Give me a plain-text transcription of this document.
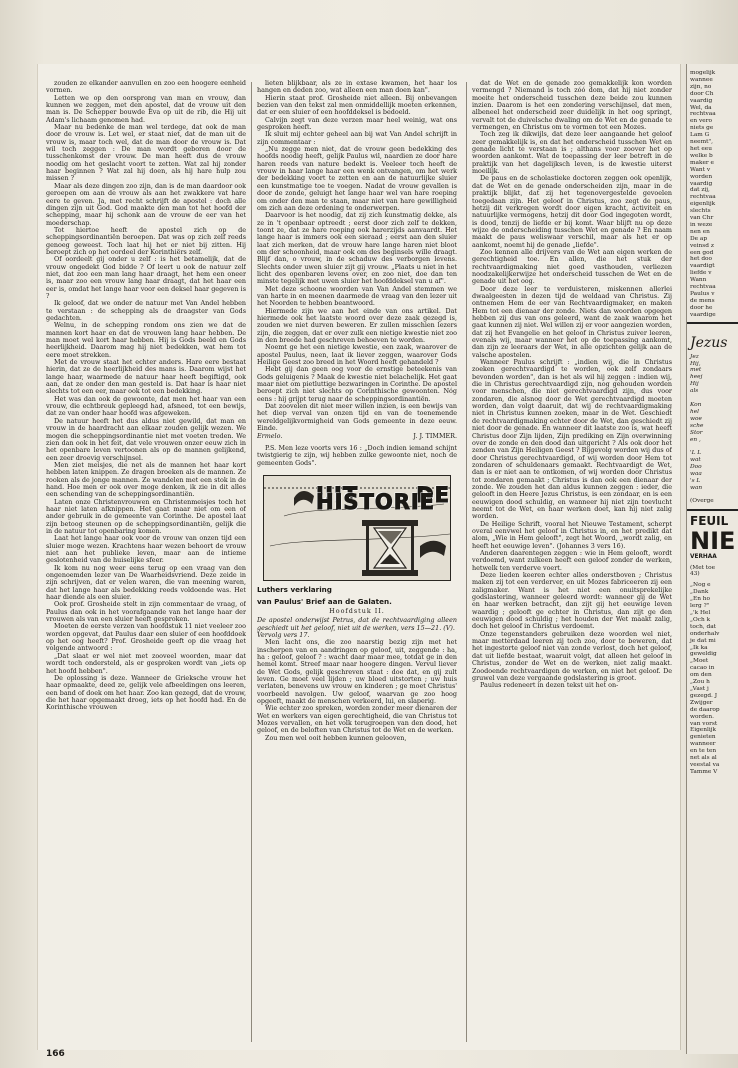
zouden ze elkander aanvullen en zoo een hoogere eenheid vormen.

Letten we op den oorsprong van man en vrouw, dan kunnen we zeggen, met den apostel, dat de vrouw uit den man is. De Schepper bouwde Eva op uit de rib, die Hij uit Adam's lichaam genomen had.

Maar nu bedenke de man wel terdege, dat ook de man door de vrouw is. Let wel, er staat niet, dat de man uit de vrouw is, maar toch wel, dat de man door de vrouw is. Dat wil toch zeggen : De man wordt geboren door de tusschenkomst der vrouw. De man heeft dus de vrouw noodig om het geslacht voort te zetten. Wat zal hij zonder haar beginnen ? Wat zal hij doen, als hij hare hulp zou missen ?

Maar als deze dingen zoo zijn, dan is de man daardoor ook geroepen om aan de vrouw als aan het zwakkere vat hare eere te geven. Ja, met recht schrijft de apostel : doch alle dingen zijn uit God. God maakte den man tot het hoofd der schepping, maar hij schonk aan de vrouw de eer van het moederschap.

Tot hiertoe heeft de apostel zich op de scheppingsordinantiën beroepen. Dat was op zich zelf reeds genoeg geweest. Toch laat hij het er niet bij zitten. Hij beroept zich op het oordeel der Korinthiërs zelf.

Of oordeelt gij onder u zelf : is het betamelijk, dat de vrouw ongedekt God bidde ? Of leert u ook de natuur zelf niet, dat zoo een man lang haar draagt, het hem een oneer is, maar zoo een vrouw lang haar draagt, dat het haar een eer is, omdat het lange haar voor een deksel haar gegeven is ?

Ik geloof, dat we onder de natuur met Van Andel hebben te verstaan : de schepping als de draagster van Gods gedachten.

Welnu, in de schepping rondom ons zien we dat de mannen kort haar en dat de vrouwen lang haar hebben. De man moet wel kort haar hebben. Hij is Gods beeld en Gods heerlijkheid. Daarom mag hij niet bedekken, wat hem tot eere moet strekken.

Met de vrouw staat het echter anders. Hare eere bestaat hierin, dat ze de heerlijkheid des mans is. Daarom wijst het lange haar, waarmede de natuur haar heeft begiftigd, ook aan, dat ze onder den man gesteld is. Dat haar is haar niet slechts tot een eer, maar ook tot een bedekking.

Het was dan ook de gewoonte, dat men het haar van een vrouw, die echtbreuk gepleegd had, afsneed, tot een bewijs, dat ze van onder haar hoofd was afgeweken.

De natuur heeft het dus aldus niet gewild, dat man en vrouw in de haardracht aan elkaar zouden gelijk wezen. We mogen die scheppingsordinantie niet met voeten treden. We zien dan ook in het feit, dat vele vrouwen onzer eeuw zich in het openbare leven vertoonen als op de mannen gelijkend, een zeer droevig verschijnsel.

Men ziet meisjes, die net als de mannen het haar kort hebben laten knippen. Ze dragen broeken als de mannen. Ze rooken als de jonge mannen. Ze wandelen met een stok in de hand. Hoe men er ook over moge denken, ik zie in dit alles een schending van de scheppingsordinantiën.

Laten onze Christenvrouwen en Christenmeisjes toch het haar niet laten afknippen. Het gaat maar niet om een of ander gebruik in de gemeente van Corinthe. De apostel laat zijn betoog steunen op de scheppingsordinantiën, gelijk die in de natuur tot openbaring komen.

Laat het lange haar ook voor de vrouw van onzen tijd een sluier moge wezen. Krachtens haar wezen behoort de vrouw niet aan het publieke leven, maar aan de intieme geslotenheid van de huiselijke sfeer.

Ik kom nu nog weer eens terug op een vraag van den ongenoemden lezer van De Waarheidsvriend. Deze zeide in zijn schrijven, dat er velen waren, die van meening waren, dat het lange haar als bedekking reeds voldoende was. Het haar diende als een sluier.

Ook prof. Grosheide stelt in zijn commentaar de vraag, of Paulus dan ook in het voorafgaande van het lange haar der vrouwen als van een sluier heeft gesproken.

Moeten de eerste verzen van hoofdstuk 11 niet veeleer zoo worden opgevat, dat Paulus daar een sluier of een hoofddoek op het oog heeft? Prof. Grosheide geeft op die vraag het volgende antwoord :

„Dat slaat er wel niet met zooveel woorden, maar dat wordt toch ondersteld, als er gesproken wordt van „iets op het hoofd hebben".

De oplossing is deze. Wanneer de Grieksche vrouw het haar opmaakte, deed ze, gelijk vele afbeeldingen ons leeren, een band of doek om het haar. Zoo kan gezegd, dat de vrouw, die het haar opgemaakt droeg, iets op het hoofd had. En de Korinthische vrouwen

lieten blijkbaar, als ze in extase kwamen, het haar los hangen en deden zoo, wat alleen een man doen kan".

Hierin staat prof. Grosheide niet alleen. Bij onbevangen bezien van den tekst zal men onmiddellijk moeten erkennen, dat er een sluier of een hoofddeksel is bedoeld.

Calvijn zegt van deze verzen maar heel weinig, wat ons gesproken heeft.

Ik sluit mij echter geheel aan bij wat Van Andel schrijft in zijn commentaar :

„Nu zegge men niet, dat de vrouw geen bedekking des hoofds noodig heeft, gelijk Paulus wil, naardien ze door hare haren reeds van nature bedekt is. Veeleer toch heeft de vrouw in haar lange haar een wenk ontvangen, om het werk der bedekking voort te zetten en aan de natuurlijke sluier een kunstmatige toe te voegen. Nadat de vrouw gevallen is door de zonde, geluigt het lange haar wel van hare roeping om onder den man te staan, maar niet van hare gewilligheid om zich aan deze ordening te onderwerpen.

Daarvoor is het noodig, dat zij zich kunstmatig dekke, als ze in 't openbaar optreedt ; eerst door zich zelf te dekken, toont ze, dat ze hare roeping ook harerzijds aanvaardt. Het lange haar is immers ook een sieraad ; eerst aan den sluier laat zich merken, dat de vrouw hare lange haren niet bloot om der schoonheid, maar ook om des beginsels wille draagt. Blijf dan, o vrouw, in de schaduw des verborgen levens. Slechts onder uwen sluier zijt gij vrouw. „Plaats u niet in het licht des openbaren levens over, en zoo niet, doe dan ten minste tegelijk met uwen sluier het hoofddeksel van u af".

Met deze schoone woorden van Van Andel stemmen we van harte in en meenen daarmede de vraag van den lezer uit het Noorden te hebben beantwoord.

Hiermede zijn we aan het einde van ons artikel. Dat hiermede ook het laatste woord over deze zaak gezegd is, zouden we niet durven beweren. Er zullen misschien lezers zijn, die zeggen, dat er over zulk een nietige kwestie niet zoo in den breede had geschreven behoeven te worden.

Noemt ge het een nietige kwestie, een zaak, waarover de apostel Paulus, neen, laat ik liever zeggen, waarover Gods Heilige Geest zoo breed in het Woord heeft gehandeld ?

Hebt gij dan geen oog voor de ernstige beteekenis van Gods geluigenis ? Maak de kwestie niet belachelijk. Het gaat maar niet om pietluttige bezwaringen in Corinthe. De apostel beroept zich niet slechts op Corinthische gewoonten. Nóg eens : hij grijpt terug naar de scheppingsordinantiën.

Dat zoovelen dit niet meer willen inzien, is een bewijs van het diep verval van onzen tijd en van de toenemende wereldgelijkvormigheid van Gods gemeente in deze eeuw. Einde.

Ermelo.	J. J. TIMMER.

P.S. Men leze voorts vers 16 : „Doch indien iemand schijnt twistgierig te zijn, wij hebben zulke gewoonte niet, noch de gemeenten Gods".

UIT DE HISTORIE
Luthers verklaring
van Paulus' Brief aan de Galaten.
Hoofdstuk II.

De apostel onderwijst Petrus, dat de rechtvaardiging alleen geschiedt uit het geloof, niet uit de werken, vers 15—21. (V).

Vervolg vers 17.

Men lacht ons, die zoo naarstig bezig zijn met het inscherpen van en aandringen op geloof, uit, zeggende : ha, ha : geloof, geloof ? : wacht daar maar mee, totdat ge in den hemel komt. Streef maar naar hoogere dingen. Vervul liever de Wet Gods, gelijk geschreven staat : doe dat, en gij zult leven. Ge moet veel lijden ; uw bloed uitstorten ; uw huis verlaten, benevens uw vrouw en kinderen ; ge moet Christus' voorbeeld navolgen. Uw geloof, waarvan ge zoo hoog opgeeft, maakt de menschen verkeerd, lui, en slaperig.

Wie echter zoo spreken, worden zonder meer dienaren der Wet en werkers van eigen gerechtigheid, die van Christus tot Mozes vervallen, en het volk terugroepen van den dood, het geloof, en de beloften van Christus tot de Wet en de werken.

Zou men wel ooit hebben kunnen gelooven,

dat de Wet en de genade zoo gemakkelijk kon worden vermengd ? Niemand is toch zóó dom, dat hij niet zonder moeite het onderscheid tusschen deze beide zou kunnen inzien. Daarom is het een zondering verschijnsel, dat men, albeneel het onderscheid zeer duidelijk in het oog springt, vervalt tot de duivelsche dwaling om de Wet en de genade te vermengen, en Christus om te vormen tot een Mozes.

Toch zeg ik dikwijls, dat deze leer aangaande het geloof zeer gemakkelijk is, en dat het onderscheid tusschen Wet en genade licht te verstaan is ; althans voor zoover het op woorden aankomt. Wat de toepassing der leer betreft in de praktijk van het dagelijksch leven, is de kwestie uiterst moeilijk.

De paus en de scholastieke doctoren zeggen ook openlijk, dat de Wet en de genade onderscheiden zijn, maar in de praktijk blijkt, dat zij het tegenovergestelde gevoelen toegedaan zijn. Het geloof in Christus, zoo zegt de paus, hetzij dit verkregen wordt door eigen kracht, activiteit en natuurlijke vermogens, hetzij dit door God ingegoten wordt, is dood, tenzij de liefde er bij komt. Waar blijft nu op deze wijze de onderscheiding tusschen Wet en genade ? En naam maakt de paus weliswaar verschil, maar als het er op aankomt, noemt hij de genade „liefde".

Zoo kennen alle drijvers van de Wet aan eigen werken de gerechtigheid toe. En allen, die het stuk der rechtvaardigmaking niet goed vasthouden, verliezen noodzakelijkerwijze het onderscheid tusschen de Wet en de genade uit het oog.

Door deze leer te verduisteren, miskennen allerlei dwaalgeesten in dezen tijd de weldaad van Christus. Zij ontnemen Hem de eer van Rechtvaardigmaker, en maken Hem tot een dienaar der zonde. Niets dan woorden opgegen hebben zij dus van ons geleerd, want de zaak waarom het gaat kunnen zij niet. Wel willen zij er voor aangezien worden, dat zij het Evangelie en het geloof in Christus zuiver leeren, evenals wij, maar wanneer het op de toepassing aankomt, dan zijn ze leeraars der Wet, in alle opzichten gelijk aan de valsche apostelen.

Wanneer Paulus schrijft : „indien wij, die in Christus zoeken gerechtvaardigd te worden, ook zelf zondaars bevonden worden", dan is het als wil hij zeggen : indien wij, die in Christus gerechtvaardigd zijn, nog gehouden worden voor menschen, die niet gerechtvaardigd zijn, dus voor zondaren, die alsnog door de Wet gerechtvaardigd moeten worden, dan volgt daaruit, dat wij de rechtvaardigmaking niet in Christus kunnen zoeken, maar in de Wet. Geschiedt de rechtvaardigmaking echter door de Wet, dan geschiedt zij niet door de genade. En wanneer dit laatste zoo is, wat heeft Christus door Zijn lijden, Zijn prediking en Zijn overwinning over de zonde en den dood dan uitgericht ? Als ook door het zenden van Zijn Heiligen Geest ? Bijgevolg worden wij dus of door Christus gerechtvaardigd, of wij worden door Hem tot zondaren of schuldenaars gemaakt. Rechtvaardigt de Wet, dan is er niet aan te ontkomen, of wij worden door Christus tot zondaren gemaakt ; Christus is dan ook een dienaar der zonde. We zouden het dan aldus kunnen zeggen : ieder, die gelooft in den Heere Jezus Christus, is een zondaar, en is een eeuwigen dood schuldig, en wanneer hij niet zijn toevlucht neemt tot de Wet, en haar werken doet, kan hij niet zalig worden.

De Heilige Schrift, vooral het Nieuwe Testament, scherpt overal eenvwel het geloof in Christus in, en het predikt dat alom, „Wie in Hem gelooft", zegt het Woord, „wordt zalig, en heeft het eeuwige leven". (Johannes 3 vers 16).

Anderen daarentegen zeggen : wie in Hem gelooft, wordt verdoemd, want zulkeen heeft een geloof zonder de werken, hetwelk ten verderve voert.

Deze lieden keeren echter alles onderstboven ; Christus maken zij tot een verderver, en uit Mozes fabriceeren zij een zaligmaker. Want is het niet een onuitsprekelijke godslastering, wanneer geleerd wordt: wanneer gij de Wet en haar werken betracht, dan zijt gij het eeuwige leven waardig ; gelooft ge echter in Christus, dan zijt ge den eeuwigen dood schuldig ; het houden der Wet maakt zalig, doch het geloof in Christus verdoemt.

Onze tegenstanders gebruiken deze woorden wel niet, maar metterdaad leeren zij toch zoo, door te beweren, dat het ingestorte geloof niet van zonde verlost, doch het geloof, dat uit liefde bestaat, waaruit volgt, dat alleen het geloof in Christus, zonder de Wet en de werken, niet zalig maakt. Zoodoende rechtvaardigen de werken, en niet het geloof. De gruwel van deze vergaande godslastering is groot.

Paulus redeneert in dezen tekst uit het on-

166
mogelijk
wannee
zijn, no
door Ch
vaardig
Wel, da
rechtvaa
en vero
niets ge
Lam G
neemt",
het eeu
welke b
maker e
Want v
worden
vaardig
dat zij,
rechtvaa
eigenlijk
slechts
van Chr
in weze
nen en
De ap
veinsd z
een god
het doo
vaardigt
liefde v
Wann
rechtvaa
Paulus v
de mens
door he
vaardige
Jezus
Jez
Hij,
met
heej
Hij
als

Kon
hel
woe
sche
Stor
en ,

'L L
wat
Doo
waa
's L
wan
(Overge
FEUIL
NIE
VERHAA
(Met toe
43)
„Nog e
„Dank
„En ho
lerg ?"
„'k Hel
„Och k
toch, dat
onderhalv
je dat mi
„Ik ka
geweldig
„Moet
cacao in
om den
„Zou h
„Vast j
gezegd. J
Zwijger
de daarop
worden.
van vorst
Eigenlijk
genieten
wanneer
en te ten
net als al
veestal va
Tamme V
